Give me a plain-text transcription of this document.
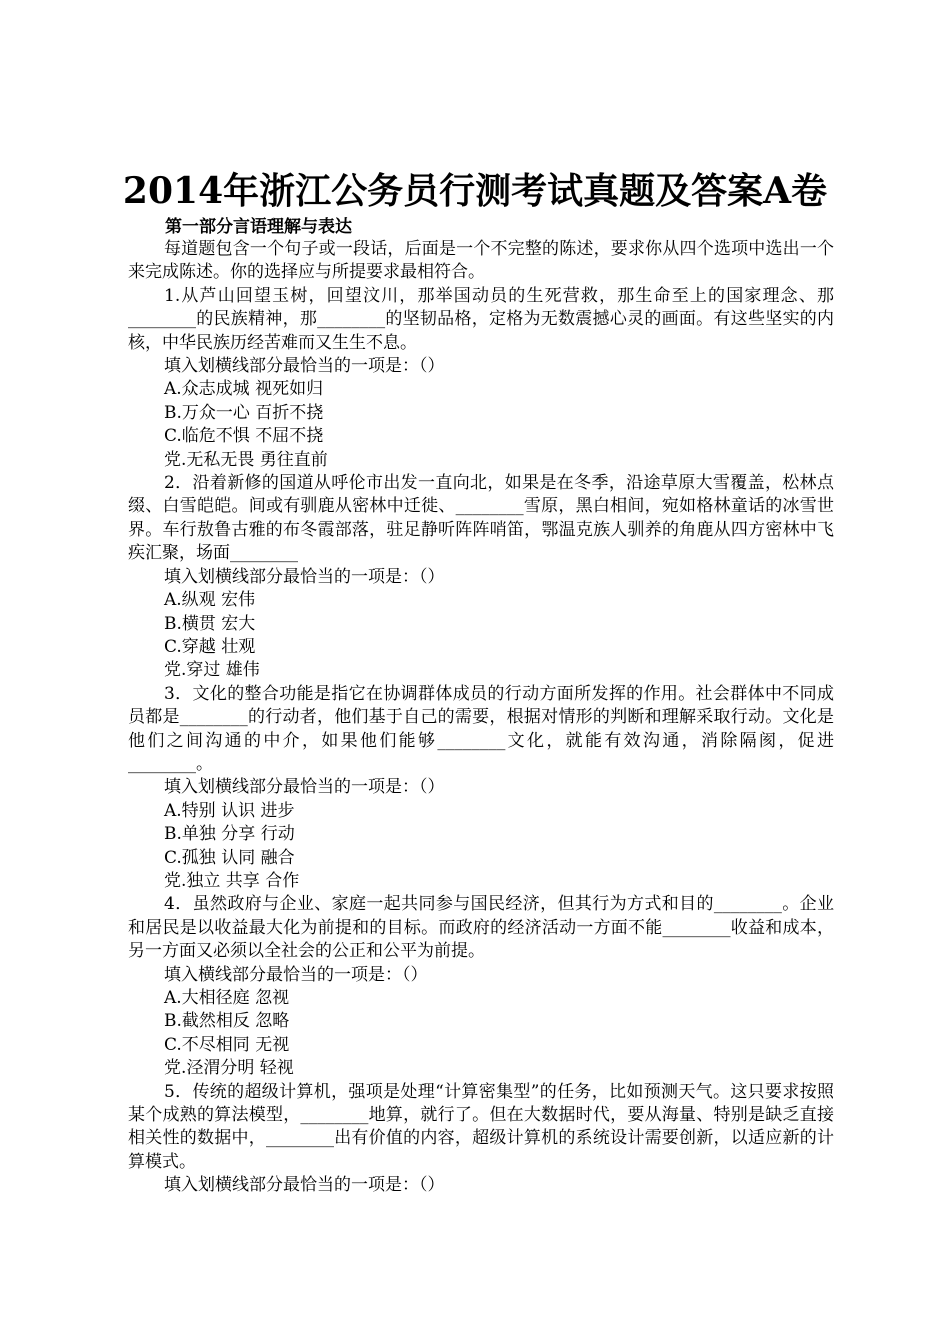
2014年浙江公务员行测考试真题及答案A卷
第一部分言语理解与表达

每道题包含一个句子或一段话，后面是一个不完整的陈述，要求你从四个选项中选出一个来完成陈述。你的选择应与所提要求最相符合。

1.从芦山回望玉树，回望汶川，那举国动员的生死营救，那生命至上的国家理念、那________的民族精神，那________的坚韧品格，定格为无数震撼心灵的画面。有这些坚实的内核，中华民族历经苦难而又生生不息。

填入划横线部分最恰当的一项是：（）

A.众志成城 视死如归

B.万众一心 百折不挠

C.临危不惧 不屈不挠

党.无私无畏 勇往直前

2．沿着新修的国道从呼伦市出发一直向北，如果是在冬季，沿途草原大雪覆盖，松林点缀、白雪皑皑。间或有驯鹿从密林中迁徙、________雪原，黑白相间，宛如格林童话的冰雪世界。车行敖鲁古雅的布冬霞部落，驻足静听阵阵哨笛，鄂温克族人驯养的角鹿从四方密林中飞疾汇聚，场面________

填入划横线部分最恰当的一项是：（）

A.纵观 宏伟

B.横贯 宏大

C.穿越 壮观

党.穿过 雄伟

3．文化的整合功能是指它在协调群体成员的行动方面所发挥的作用。社会群体中不同成员都是________的行动者，他们基于自己的需要，根据对情形的判断和理解采取行动。文化是他们之间沟通的中介，如果他们能够________文化，就能有效沟通，消除隔阂，促进________。

填入划横线部分最恰当的一项是：（）

A.特别 认识 进步

B.单独 分享 行动

C.孤独 认同 融合

党.独立 共享 合作

4．虽然政府与企业、家庭一起共同参与国民经济，但其行为方式和目的________。企业和居民是以收益最大化为前提和的目标。而政府的经济活动一方面不能________收益和成本，另一方面又必须以全社会的公正和公平为前提。

填入横线部分最恰当的一项是：（）

A.大相径庭 忽视

B.截然相反 忽略

C.不尽相同 无视

党.泾渭分明 轻视

5．传统的超级计算机，强项是处理“计算密集型”的任务，比如预测天气。这只要求按照某个成熟的算法模型，________地算，就行了。但在大数据时代，要从海量、特别是缺乏直接相关性的数据中，________出有价值的内容，超级计算机的系统设计需要创新，以适应新的计算模式。

填入划横线部分最恰当的一项是：（）
